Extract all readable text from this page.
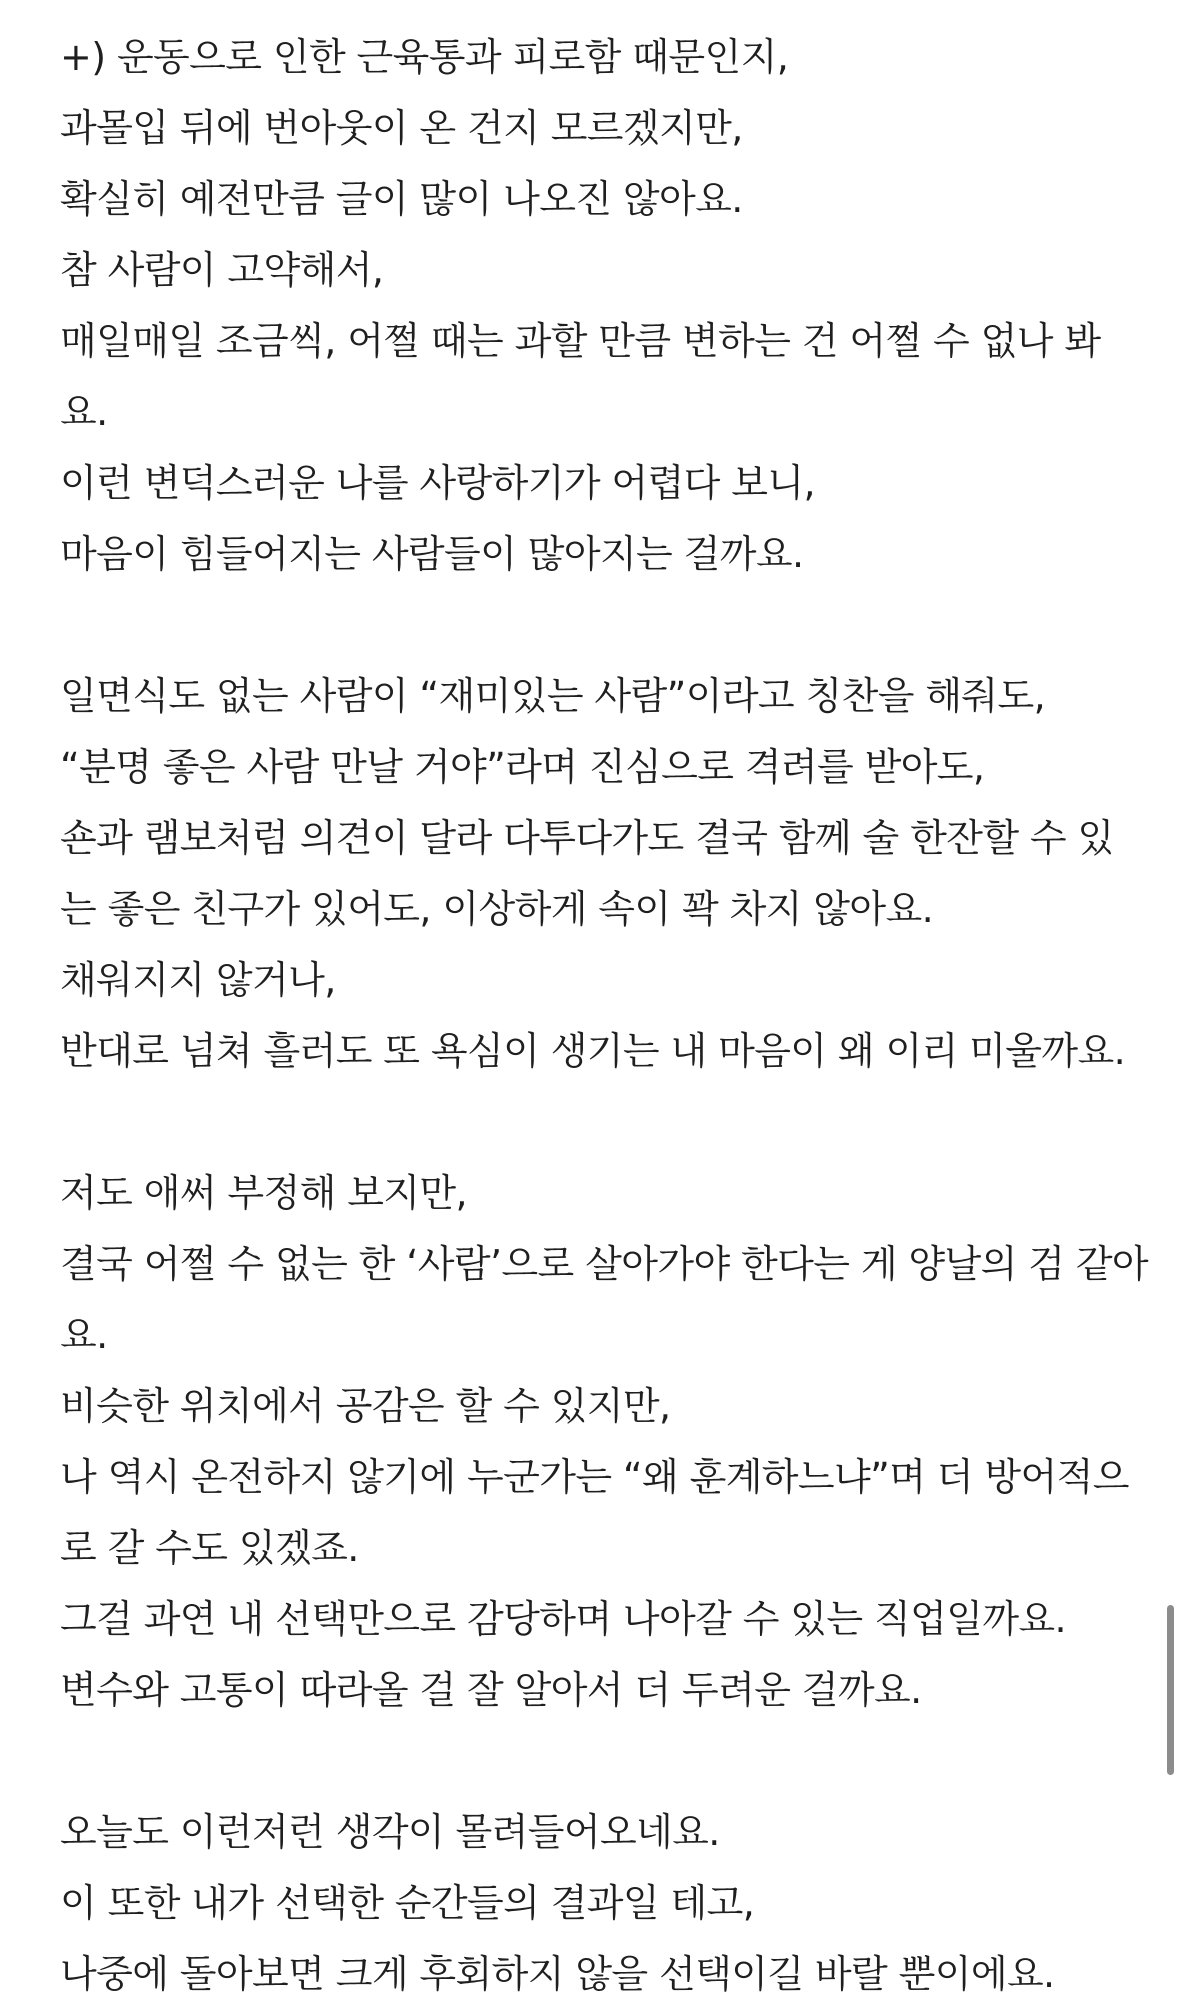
+) 운동으로 인한 근육통과 피로함 때문인지,
과몰입 뒤에 번아웃이 온 건지 모르겠지만,
확실히 예전만큼 글이 많이 나오진 않아요.
참 사람이 고약해서,
매일매일 조금씩, 어쩔 때는 과할 만큼 변하는 건 어쩔 수 없나 봐
요.
이런 변덕스러운 나를 사랑하기가 어렵다 보니,
마음이 힘들어지는 사람들이 많아지는 걸까요.
일면식도 없는 사람이 “재미있는 사람”이라고 칭찬을 해줘도,
“분명 좋은 사람 만날 거야”라며 진심으로 격려를 받아도,
숀과 램보처럼 의견이 달라 다투다가도 결국 함께 술 한잔할 수 있
는 좋은 친구가 있어도, 이상하게 속이 꽉 차지 않아요.
채워지지 않거나,
반대로 넘쳐 흘러도 또 욕심이 생기는 내 마음이 왜 이리 미울까요.
저도 애써 부정해 보지만,
결국 어쩔 수 없는 한 ‘사람’으로 살아가야 한다는 게 양날의 검 같아
요.
비슷한 위치에서 공감은 할 수 있지만,
나 역시 온전하지 않기에 누군가는 “왜 훈계하느냐”며 더 방어적으
로 갈 수도 있겠죠.
그걸 과연 내 선택만으로 감당하며 나아갈 수 있는 직업일까요.
변수와 고통이 따라올 걸 잘 알아서 더 두려운 걸까요.
오늘도 이런저런 생각이 몰려들어오네요.
이 또한 내가 선택한 순간들의 결과일 테고,
나중에 돌아보면 크게 후회하지 않을 선택이길 바랄 뿐이에요.
